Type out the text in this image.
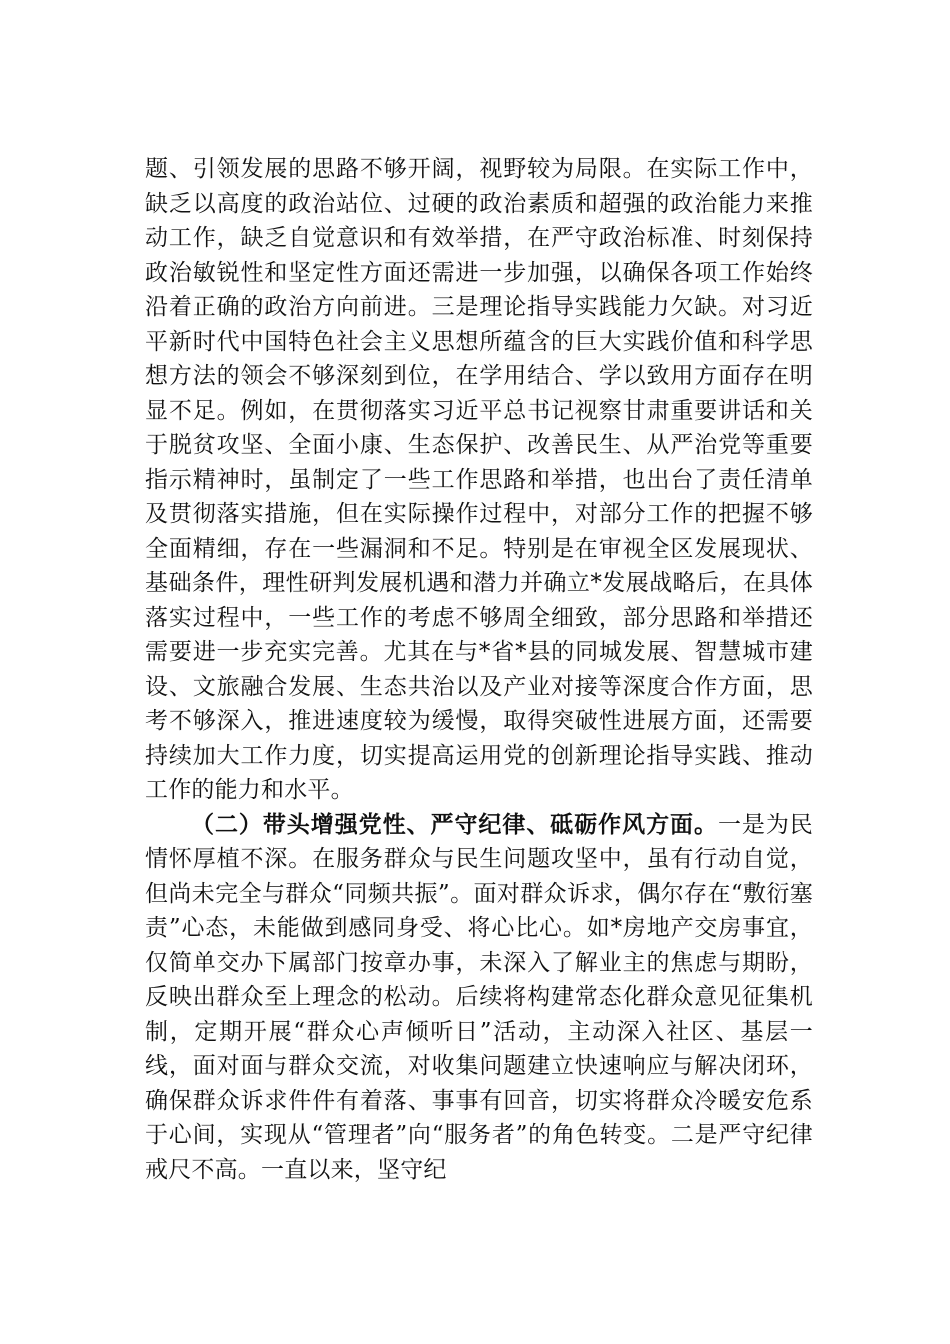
题、引领发展的思路不够开阔，视野较为局限。在实际工作中，缺乏以高度的政治站位、过硬的政治素质和超强的政治能力来推动工作，缺乏自觉意识和有效举措，在严守政治标准、时刻保持政治敏锐性和坚定性方面还需进一步加强，以确保各项工作始终沿着正确的政治方向前进。三是理论指导实践能力欠缺。对习近平新时代中国特色社会主义思想所蕴含的巨大实践价值和科学思想方法的领会不够深刻到位，在学用结合、学以致用方面存在明显不足。例如，在贯彻落实习近平总书记视察甘肃重要讲话和关于脱贫攻坚、全面小康、生态保护、改善民生、从严治党等重要指示精神时，虽制定了一些工作思路和举措，也出台了责任清单及贯彻落实措施，但在实际操作过程中，对部分工作的把握不够全面精细，存在一些漏洞和不足。特别是在审视全区发展现状、基础条件，理性研判发展机遇和潜力并确立*发展战略后，在具体落实过程中，一些工作的考虑不够周全细致，部分思路和举措还需要进一步充实完善。尤其在与*省*县的同城发展、智慧城市建设、文旅融合发展、生态共治以及产业对接等深度合作方面，思考不够深入，推进速度较为缓慢，取得突破性进展方面，还需要持续加大工作力度，切实提高运用党的创新理论指导实践、推动工作的能力和水平。

（二）带头增强党性、严守纪律、砥砺作风方面。一是为民情怀厚植不深。在服务群众与民生问题攻坚中，虽有行动自觉，但尚未完全与群众“同频共振”。面对群众诉求，偶尔存在“敷衍塞责”心态，未能做到感同身受、将心比心。如*房地产交房事宜，仅简单交办下属部门按章办事，未深入了解业主的焦虑与期盼，反映出群众至上理念的松动。后续将构建常态化群众意见征集机制，定期开展“群众心声倾听日”活动，主动深入社区、基层一线，面对面与群众交流，对收集问题建立快速响应与解决闭环，确保群众诉求件件有着落、事事有回音，切实将群众冷暖安危系于心间，实现从“管理者”向“服务者”的角色转变。二是严守纪律戒尺不高。一直以来，坚守纪
